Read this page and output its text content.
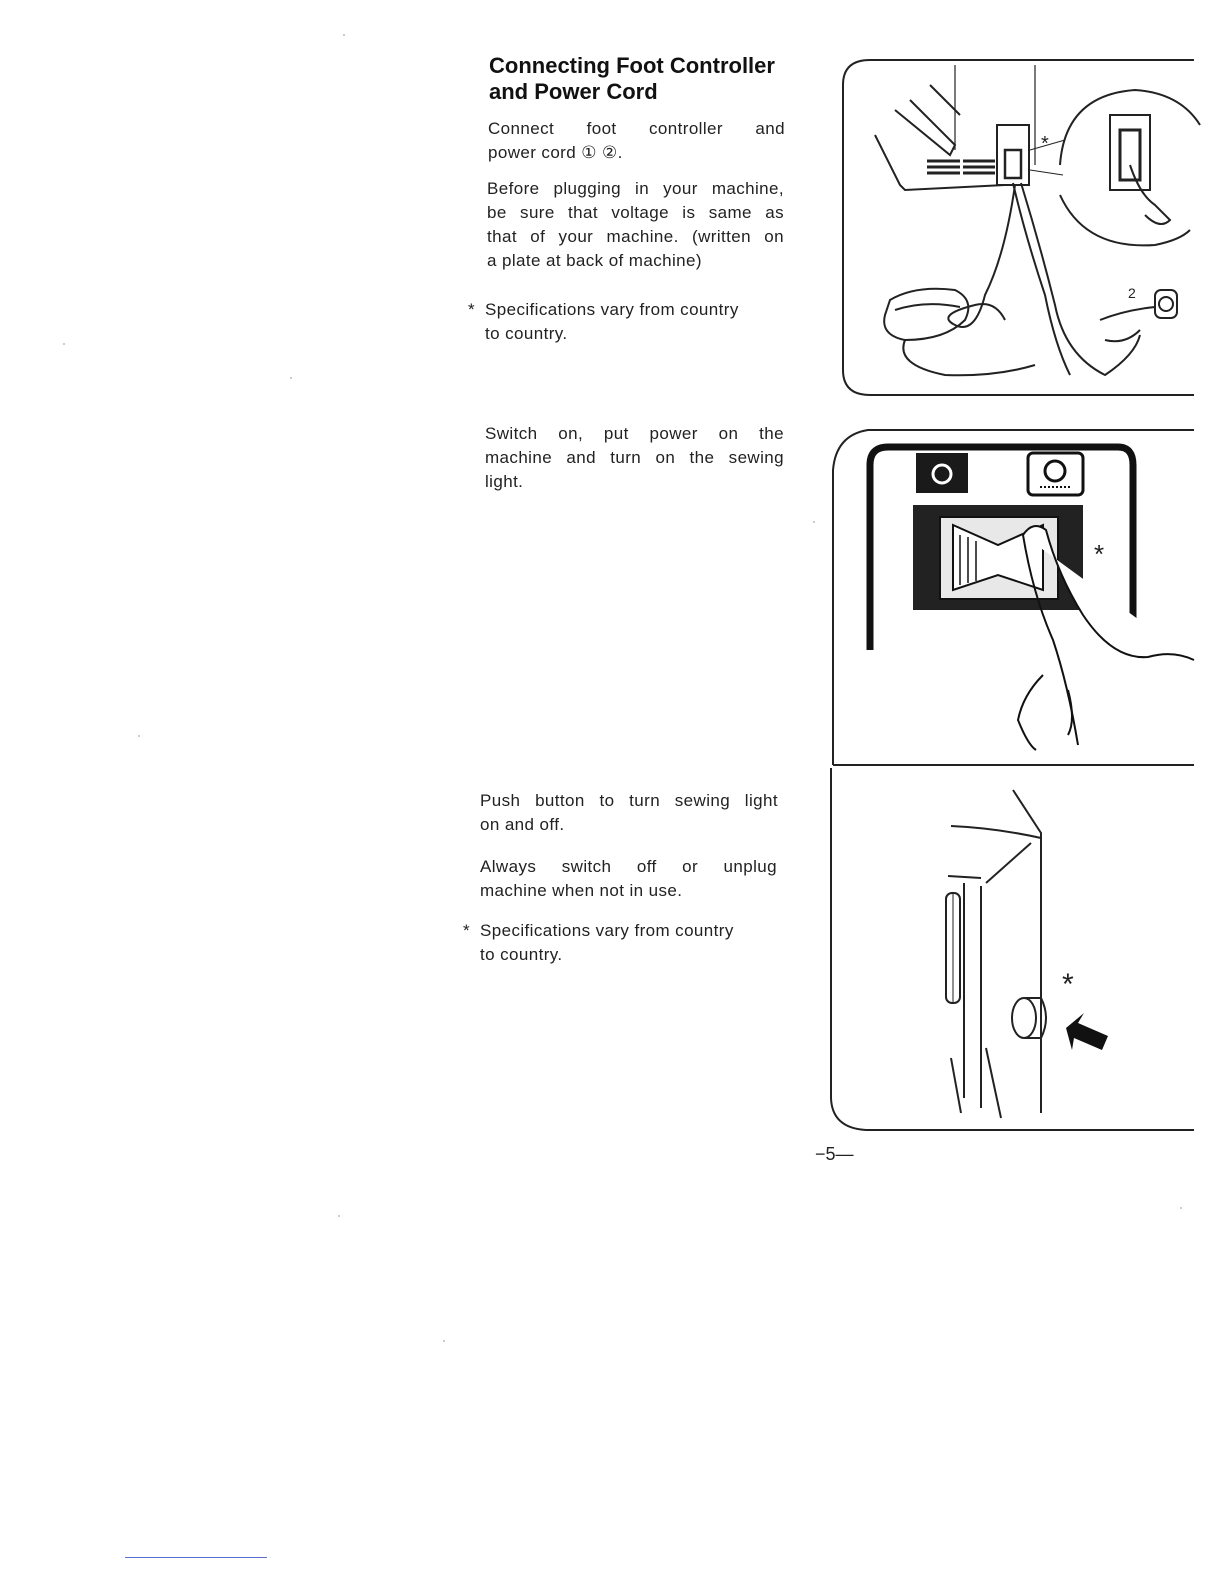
Connecting Foot Controller
and Power Cord
Connect foot controller and
power cord ① ②.
Before plugging in your machine,
be sure that voltage is same as
that of your machine. (written on
a plate at back of machine)
* Specifications vary from country
to country.
Switch on, put power on the
machine and turn on the sewing
light.
Push button to turn sewing light
on and off.
Always switch off or unplug
machine when not in use.
* Specifications vary from country
to country.
*
2
*
*
−5—
